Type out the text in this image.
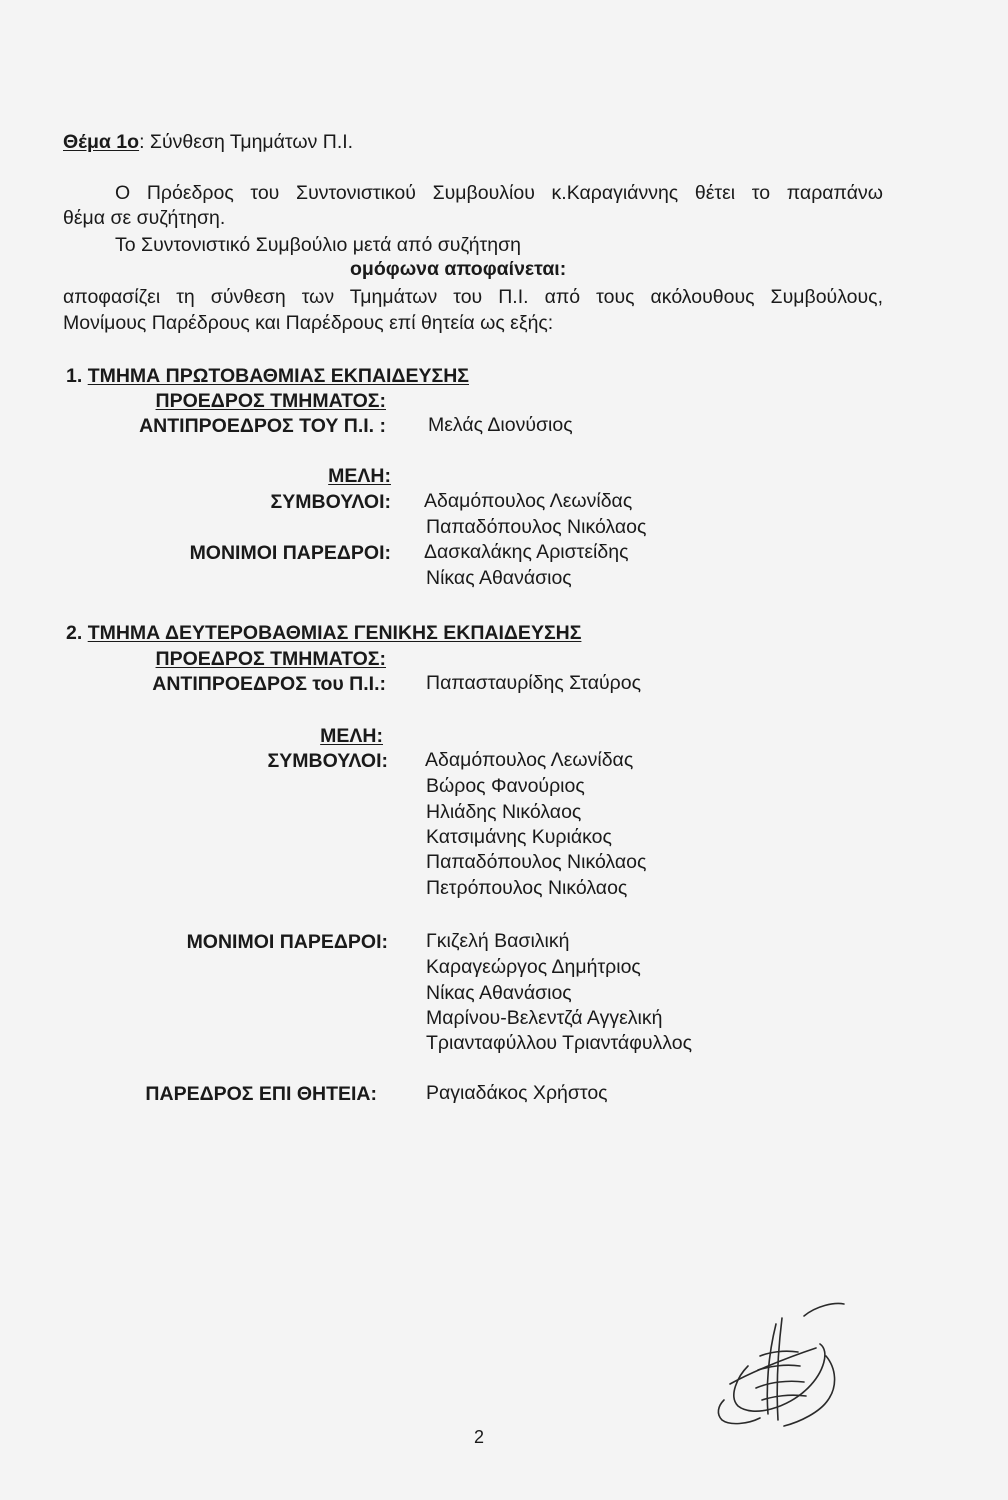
Θέμα 1ο: Σύνθεση Τμημάτων Π.Ι.
Ο Πρόεδρος του Συντονιστικού Συμβουλίου κ.Καραγιάννης θέτει το παραπάνω
θέμα σε συζήτηση.
Το Συντονιστικό Συμβούλιο μετά από συζήτηση
ομόφωνα αποφαίνεται:
αποφασίζει τη σύνθεση των Τμημάτων του Π.Ι. από τους ακόλουθους Συμβούλους,
Μονίμους Παρέδρους και Παρέδρους επί θητεία ως εξής:
1. ΤΜΗΜΑ ΠΡΩΤΟΒΑΘΜΙΑΣ ΕΚΠΑΙΔΕΥΣΗΣ
ΠΡΟΕΔΡΟΣ ΤΜΗΜΑΤΟΣ:
ΑΝΤΙΠΡΟΕΔΡΟΣ ΤΟΥ Π.Ι. : Μελάς Διονύσιος
ΜΕΛΗ:
ΣΥΜΒΟΥΛΟΙ: Αδαμόπουλος Λεωνίδας
Παπαδόπουλος Νικόλαος
ΜΟΝΙΜΟΙ ΠΑΡΕΔΡΟΙ: Δασκαλάκης Αριστείδης
Νίκας Αθανάσιος
2. ΤΜΗΜΑ ΔΕΥΤΕΡΟΒΑΘΜΙΑΣ ΓΕΝΙΚΗΣ ΕΚΠΑΙΔΕΥΣΗΣ
ΠΡΟΕΔΡΟΣ ΤΜΗΜΑΤΟΣ:
ΑΝΤΙΠΡΟΕΔΡΟΣ του Π.Ι.: Παπασταυρίδης Σταύρος
ΜΕΛΗ:
ΣΥΜΒΟΥΛΟΙ: Αδαμόπουλος Λεωνίδας
Βώρος Φανούριος
Ηλιάδης Νικόλαος
Κατσιμάνης Κυριάκος
Παπαδόπουλος Νικόλαος
Πετρόπουλος Νικόλαος
ΜΟΝΙΜΟΙ ΠΑΡΕΔΡΟΙ: Γκιζελή Βασιλική
Καραγεώργος Δημήτριος
Νίκας Αθανάσιος
Μαρίνου-Βελεντζά Αγγελική
Τριανταφύλλου Τριαντάφυλλος
ΠΑΡΕΔΡΟΣ ΕΠΙ ΘΗΤΕΙΑ:	Ραγιαδάκος Χρήστος
2
